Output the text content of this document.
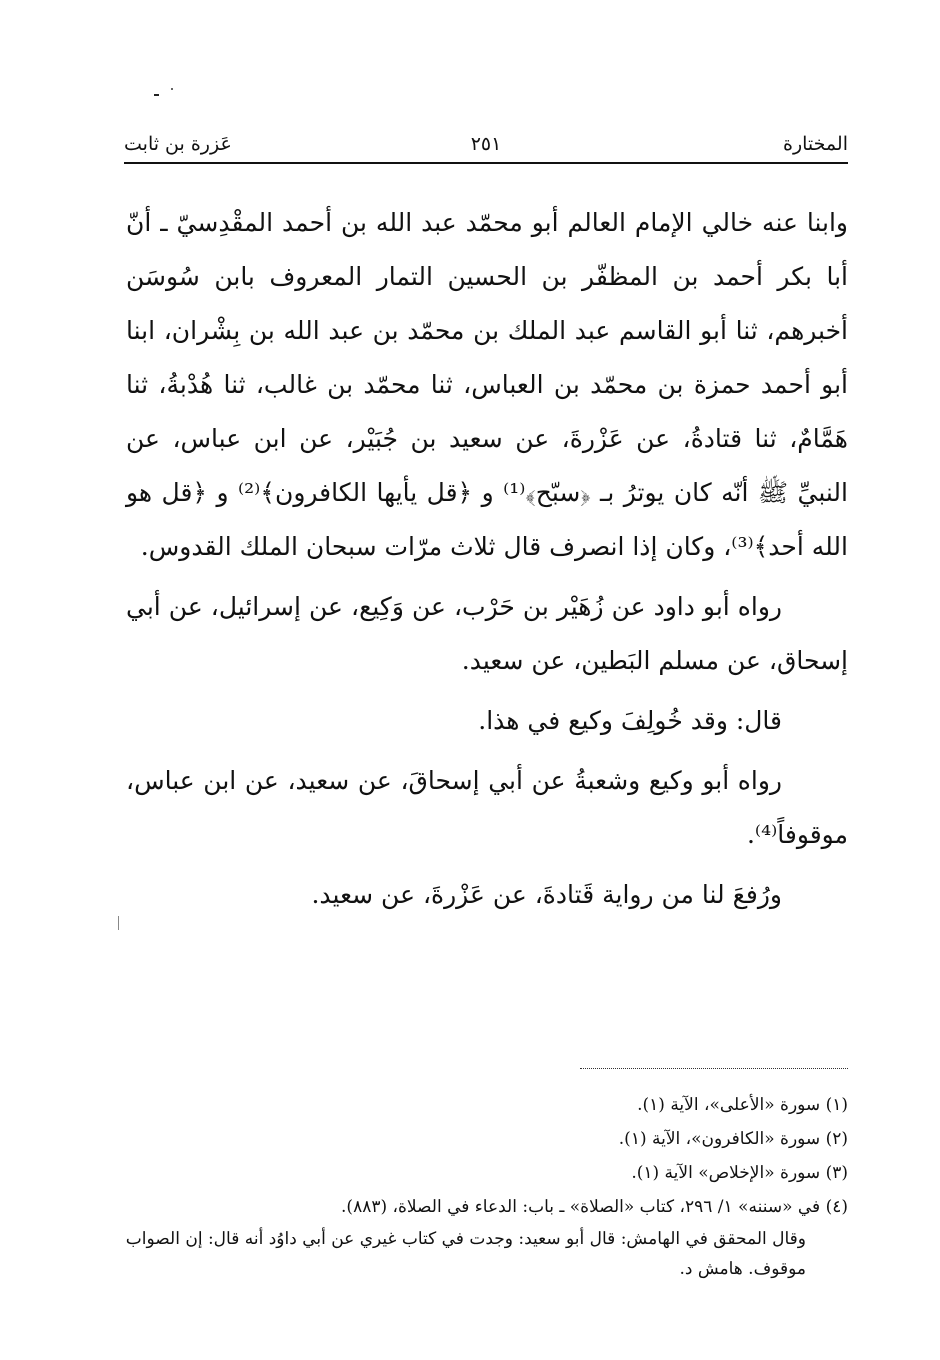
المختارة
٢٥١
عَزرة بن ثابت

وابنا عنه خالي الإمام العالم أبو محمّد عبد الله بن أحمد المقْدِسيّ ـ أنّ أبا بكر أحمد بن المظفّر بن الحسين التمار المعروف بابن سُوسَن أخبرهم، ثنا أبو القاسم عبد الملك بن محمّد بن عبد الله بن بِشْران، ابنا أبو أحمد حمزة بن محمّد بن العباس، ثنا محمّد بن غالب، ثنا هُدْبةُ، ثنا هَمَّامٌ، ثنا قتادةُ، عن عَزْرةَ، عن سعيد بن جُبَيْر، عن ابن عباس، عن النبيِّ ﷺ أنّه كان يوترُ بـ ﴿سبّح﴾⁽¹⁾ و ﴿قل يأيها الكافرون﴾⁽²⁾ و ﴿قل هو الله أحد﴾⁽³⁾، وكان إذا انصرف قال ثلاث مرّات سبحان الملك القدوس.

رواه أبو داود عن زُهَيْر بن حَرْب، عن وَكِيع، عن إسرائيل، عن أبي إسحاق، عن مسلم البَطين، عن سعيد.

قال: وقد خُولِفَ وكيع في هذا.

رواه أبو وكيع وشعبةُ عن أبي إسحاقَ، عن سعيد، عن ابن عباس، موقوفاً⁽⁴⁾.

ورُفعَ لنا من رواية قَتادةَ، عن عَزْرةَ، عن سعيد.

(١) سورة «الأعلى»، الآية (١).

(٢) سورة «الكافرون»، الآية (١).

(٣) سورة «الإخلاص» الآية (١).

(٤) في «سننه» ١/ ٢٩٦، كتاب «الصلاة» ـ باب: الدعاء في الصلاة، (٨٨٣).

وقال المحقق في الهامش: قال أبو سعيد: وجدت في كتاب غيري عن أبي داوُد أنه قال: إن الصواب موقوف. هامش د.
